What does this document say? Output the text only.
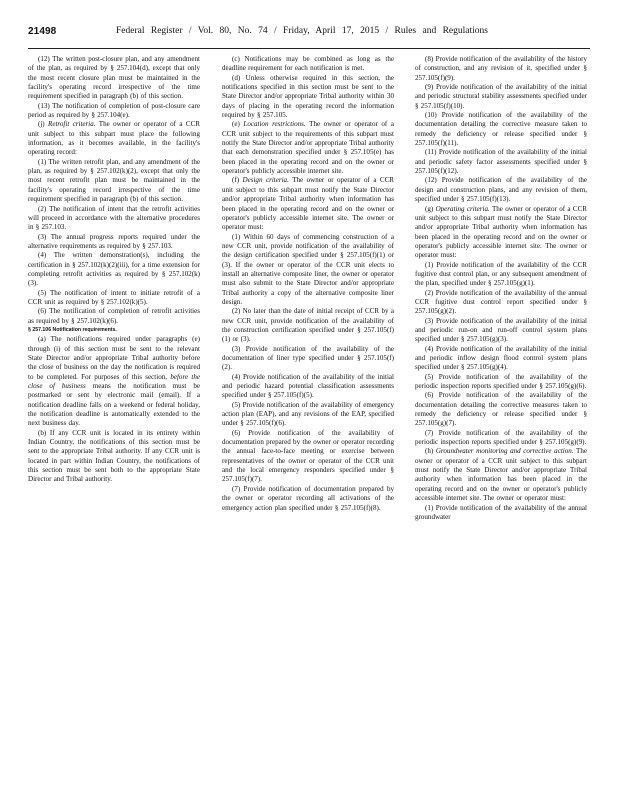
21498	Federal Register / Vol. 80, No. 74 / Friday, April 17, 2015 / Rules and Regulations

(12) The written post-closure plan, and any amendment of the plan, as required by § 257.104(d), except that only the most recent closure plan must be maintained in the facility's operating record irrespective of the time requirement specified in paragraph (b) of this section.

(13) The notification of completion of post-closure care period as required by § 257.104(e).

(j) Retrofit criteria. The owner or operator of a CCR unit subject to this subpart must place the following information, as it becomes available, in the facility's operating record:

(1) The written retrofit plan, and any amendment of the plan, as required by § 257.102(k)(2), except that only the most recent retrofit plan must be maintained in the facility's operating record irrespective of the time requirement specified in paragraph (b) of this section.

(2) The notification of intent that the retrofit activities will proceed in accordance with the alternative procedures in § 257.103.

(3) The annual progress reports required under the alternative requirements as required by § 257.103.

(4) The written demonstration(s), including the certification in § 257.102(k)(2)(iii), for a time extension for completing retrofit activities as required by § 257.102(k)(3).

(5) The notification of intent to initiate retrofit of a CCR unit as required by § 257.102(k)(5).

(6) The notification of completion of retrofit activities as required by § 257.102(k)(6).

§ 257.106 Notification requirements.

(a) The notifications required under paragraphs (e) through (i) of this section must be sent to the relevant State Director and/or appropriate Tribal authority before the close of business on the day the notification is required to be completed. For purposes of this section, before the close of business means the notification must be postmarked or sent by electronic mail (email). If a notification deadline falls on a weekend or federal holiday, the notification deadline is automatically extended to the next business day.

(b) If any CCR unit is located in its entirety within Indian Country, the notifications of this section must be sent to the appropriate Tribal authority. If any CCR unit is located in part within Indian Country, the notifications of this section must be sent both to the appropriate State Director and Tribal authority.

(c) Notifications may be combined as long as the deadline requirement for each notification is met.

(d) Unless otherwise required in this section, the notifications specified in this section must be sent to the State Director and/or appropriate Tribal authority within 30 days of placing in the operating record the information required by § 257.105.

(e) Location restrictions. The owner or operator of a CCR unit subject to the requirements of this subpart must notify the State Director and/or appropriate Tribal authority that each demonstration specified under § 257.105(e) has been placed in the operating record and on the owner or operator's publicly accessible internet site.

(f) Design criteria. The owner or operator of a CCR unit subject to this subpart must notify the State Director and/or appropriate Tribal authority when information has been placed in the operating record and on the owner or operator's publicly accessible internet site. The owner or operator must:

(1) Within 60 days of commencing construction of a new CCR unit, provide notification of the availability of the design certification specified under § 257.105(f)(1) or (3). If the owner or operator of the CCR unit elects to install an alternative composite liner, the owner or operator must also submit to the State Director and/or appropriate Tribal authority a copy of the alternative composite liner design.

(2) No later than the date of initial receipt of CCR by a new CCR unit, provide notification of the availability of the construction certification specified under § 257.105(f)(1) or (3).

(3) Provide notification of the availability of the documentation of liner type specified under § 257.105(f)(2).

(4) Provide notification of the availability of the initial and periodic hazard potential classification assessments specified under § 257.105(f)(5).

(5) Provide notification of the availability of emergency action plan (EAP), and any revisions of the EAP, specified under § 257.105(f)(6).

(6) Provide notification of the availability of documentation prepared by the owner or operator recording the annual face-to-face meeting or exercise between representatives of the owner or operator of the CCR unit and the local emergency responders specified under § 257.105(f)(7).

(7) Provide notification of documentation prepared by the owner or operator recording all activations of the emergency action plan specified under § 257.105(f)(8).

(8) Provide notification of the availability of the history of construction, and any revision of it, specified under § 257.105(f)(9).

(9) Provide notification of the availability of the initial and periodic structural stability assessments specified under § 257.105(f)(10).

(10) Provide notification of the availability of the documentation detailing the corrective measure taken to remedy the deficiency or release specified under § 257.105(f)(11).

(11) Provide notification of the availability of the initial and periodic safety factor assessments specified under § 257.105(f)(12).

(12) Provide notification of the availability of the design and construction plans, and any revision of them, specified under § 257.105(f)(13).

(g) Operating criteria. The owner or operator of a CCR unit subject to this subpart must notify the State Director and/or appropriate Tribal authority when information has been placed in the operating record and on the owner or operator's publicly accessible internet site. The owner or operator must:

(1) Provide notification of the availability of the CCR fugitive dust control plan, or any subsequent amendment of the plan, specified under § 257.105(g)(1).

(2) Provide notification of the availability of the annual CCR fugitive dust control report specified under § 257.105(g)(2).

(3) Provide notification of the availability of the initial and periodic run-on and run-off control system plans specified under § 257.105(g)(3).

(4) Provide notification of the availability of the initial and periodic inflow design flood control system plans specified under § 257.105(g)(4).

(5) Provide notification of the availability of the periodic inspection reports specified under § 257.105(g)(6).

(6) Provide notification of the availability of the documentation detailing the corrective measures taken to remedy the deficiency or release specified under § 257.105(g)(7).

(7) Provide notification of the availability of the periodic inspection reports specified under § 257.105(g)(9).

(h) Groundwater monitoring and corrective action. The owner or operator of a CCR unit subject to this subpart must notify the State Director and/or appropriate Tribal authority when information has been placed in the operating record and on the owner or operator's publicly accessible internet site. The owner or operator must:

(1) Provide notification of the availability of the annual groundwater
